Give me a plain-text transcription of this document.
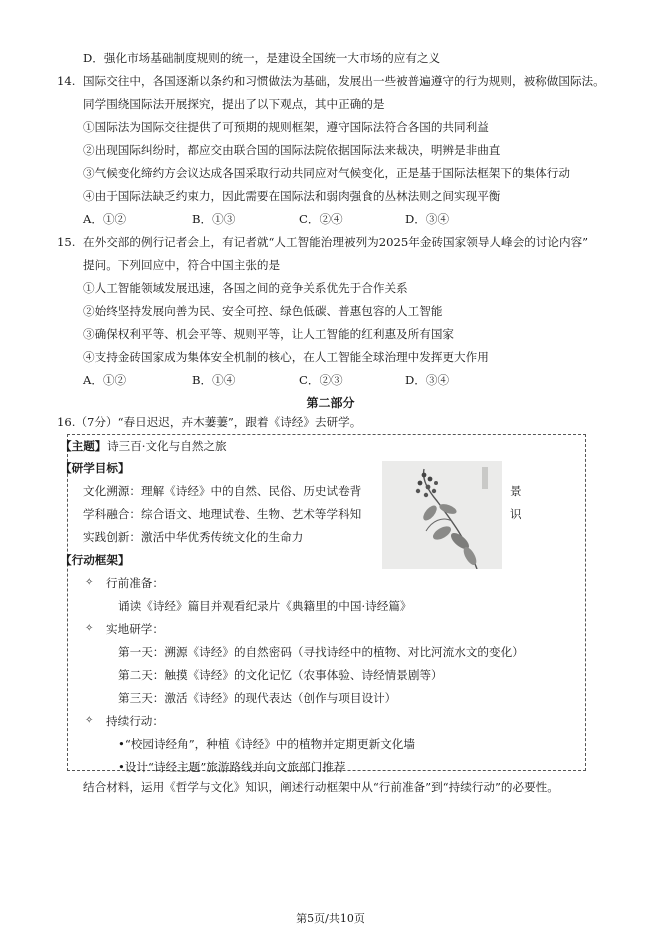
D．强化市场基础制度规则的统一，是建设全国统一大市场的应有之义
14. 国际交往中，各国逐渐以条约和习惯做法为基础，发展出一些被普遍遵守的行为规则，被称做国际法。
同学围绕国际法开展探究，提出了以下观点，其中正确的是
①国际法为国际交往提供了可预期的规则框架，遵守国际法符合各国的共同利益
②出现国际纠纷时，都应交由联合国的国际法院依据国际法来裁决，明辨是非曲直
③气候变化缔约方会议达成各国采取行动共同应对气候变化，正是基于国际法框架下的集体行动
④由于国际法缺乏约束力，因此需要在国际法和弱肉强食的丛林法则之间实现平衡
A．①②	B．①③	C．②④	D．③④
15. 在外交部的例行记者会上，有记者就“人工智能治理被列为2025年金砖国家领导人峰会的讨论内容”
提问。下列回应中，符合中国主张的是
①人工智能领域发展迅速，各国之间的竞争关系优先于合作关系
②始终坚持发展向善为民、安全可控、绿色低碳、普惠包容的人工智能
③确保权利平等、机会平等、规则平等，让人工智能的红利惠及所有国家
④支持金砖国家成为集体安全机制的核心，在人工智能全球治理中发挥更大作用
A．①②	B．①④	C．②③	D．③④
第二部分
16.（7分）“春日迟迟，卉木萋萋”，跟着《诗经》去研学。
【主题】 诗三百·文化与自然之旅
【研学目标】
文化溯源：理解《诗经》中的自然、民俗、历史试卷背	景
学科融合：综合语文、地理试卷、生物、艺术等学科知	识
实践创新：激活中华优秀传统文化的生命力
【行动框架】
✧ 行前准备：
诵读《诗经》篇目并观看纪录片《典籍里的中国·诗经篇》
✧ 实地研学：
第一天：溯源《诗经》的自然密码（寻找诗经中的植物、对比河流水文的变化）
第二天：触摸《诗经》的文化记忆（农事体验、诗经情景剧等）
第三天：激活《诗经》的现代表达（创作与项目设计）
✧ 持续行动：
•“校园诗经角”，种植《诗经》中的植物并定期更新文化墙
•设计“诗经主题”旅游路线并向文旅部门推荐
结合材料，运用《哲学与文化》知识，阐述行动框架中从“行前准备”到“持续行动”的必要性。
第5页/共10页
